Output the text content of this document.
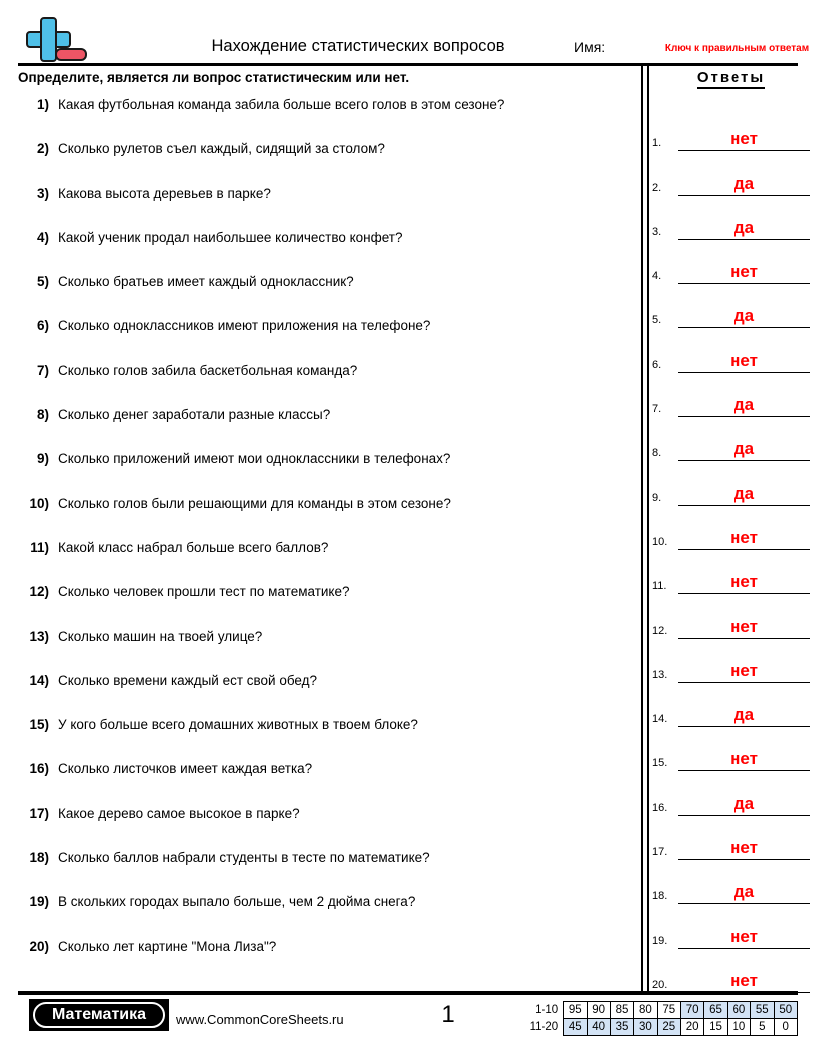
Нахождение статистических вопросов	Имя:	Ключ к правильным ответам
Определите, является ли вопрос статистическим или нет.
1) Какая футбольная команда забила больше всего голов в этом сезоне?
2) Сколько рулетов съел каждый, сидящий за столом?
3) Какова высота деревьев в парке?
4) Какой ученик продал наибольшее количество конфет?
5) Сколько братьев имеет каждый одноклассник?
6) Сколько одноклассников имеют приложения на телефоне?
7) Сколько голов забила баскетбольная команда?
8) Сколько денег заработали разные классы?
9) Сколько приложений имеют мои одноклассники в телефонах?
10) Сколько голов были решающими для команды в этом сезоне?
11) Какой класс набрал больше всего баллов?
12) Сколько человек прошли тест по математике?
13) Сколько машин на твоей улице?
14) Сколько времени каждый ест свой обед?
15) У кого больше всего домашних животных в твоем блоке?
16) Сколько листочков имеет каждая ветка?
17) Какое дерево самое высокое в парке?
18) Сколько баллов набрали студенты в тесте по математике?
19) В скольких городах выпало больше, чем 2 дюйма снега?
20) Сколько лет картине "Мона Лиза"?
Ответы
1.	нет
2.	да
3.	да
4.	нет
5.	да
6.	нет
7.	да
8.	да
9.	да
10.	нет
11.	нет
12.	нет
13.	нет
14.	да
15.	нет
16.	да
17.	нет
18.	да
19.	нет
20.	нет
Математика www.CommonCoreSheets.ru	1	1-10	95	90	85	80	75	70	65	60	55	50
11-20	45	40	35	30	25	20	15	10	5	0
